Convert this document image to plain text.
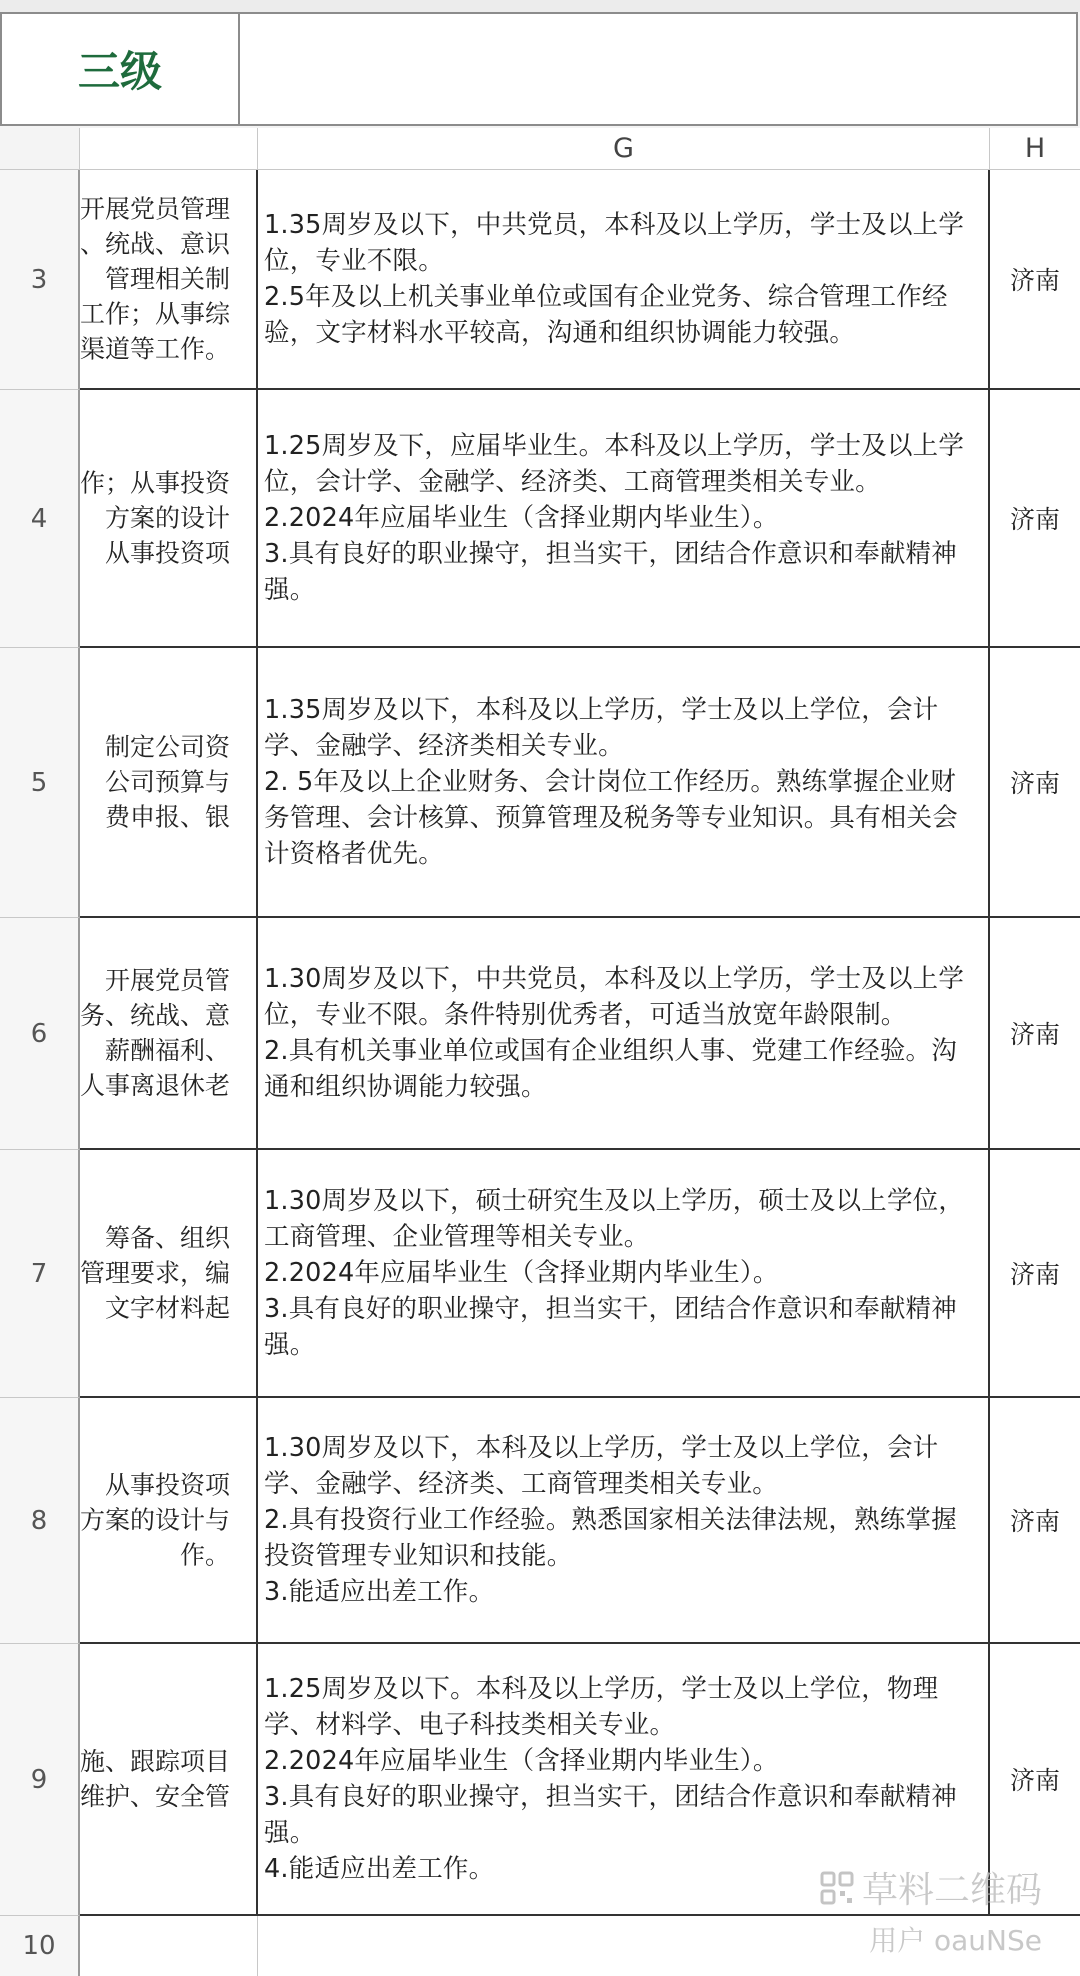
三级
G	H
3
开展党员管理
、统战、意识
管理相关制
工作；从事综
渠道等工作。
1.35周岁及以下，中共党员，本科及以上学历，学士及以上学位，专业不限。
2.5年及以上机关事业单位或国有企业党务、综合管理工作经验，文字材料水平较高，沟通和组织协调能力较强。
济南
4
作；从事投资
方案的设计
从事投资项
1.25周岁及下，应届毕业生。本科及以上学历，学士及以上学位，会计学、金融学、经济类、工商管理类相关专业。
2.2024年应届毕业生（含择业期内毕业生）。
3.具有良好的职业操守，担当实干，团结合作意识和奉献精神强。
济南
5
制定公司资
公司预算与
费申报、银
1.35周岁及以下，本科及以上学历，学士及以上学位，会计学、金融学、经济类相关专业。
2. 5年及以上企业财务、会计岗位工作经历。熟练掌握企业财务管理、会计核算、预算管理及税务等专业知识。具有相关会计资格者优先。
济南
6
开展党员管
务、统战、意
薪酬福利、
人事离退休老
1.30周岁及以下，中共党员，本科及以上学历，学士及以上学位，专业不限。条件特别优秀者，可适当放宽年龄限制。
2.具有机关事业单位或国有企业组织人事、党建工作经验。沟通和组织协调能力较强。
济南
7
筹备、组织
管理要求，编
文字材料起
1.30周岁及以下，硕士研究生及以上学历，硕士及以上学位，工商管理、企业管理等相关专业。
2.2024年应届毕业生（含择业期内毕业生）。
3.具有良好的职业操守，担当实干，团结合作意识和奉献精神强。
济南
8
从事投资项
方案的设计与
作。
1.30周岁及以下，本科及以上学历，学士及以上学位，会计学、金融学、经济类、工商管理类相关专业。
2.具有投资行业工作经验。熟悉国家相关法律法规，熟练掌握投资管理专业知识和技能。
3.能适应出差工作。
济南
9
施、跟踪项目
维护、安全管
1.25周岁及以下。本科及以上学历，学士及以上学位，物理学、材料学、电子科技类相关专业。
2.2024年应届毕业生（含择业期内毕业生）。
3.具有良好的职业操守，担当实干，团结合作意识和奉献精神强。
4.能适应出差工作。
济南
10
草料二维码
用户 oauNSe
